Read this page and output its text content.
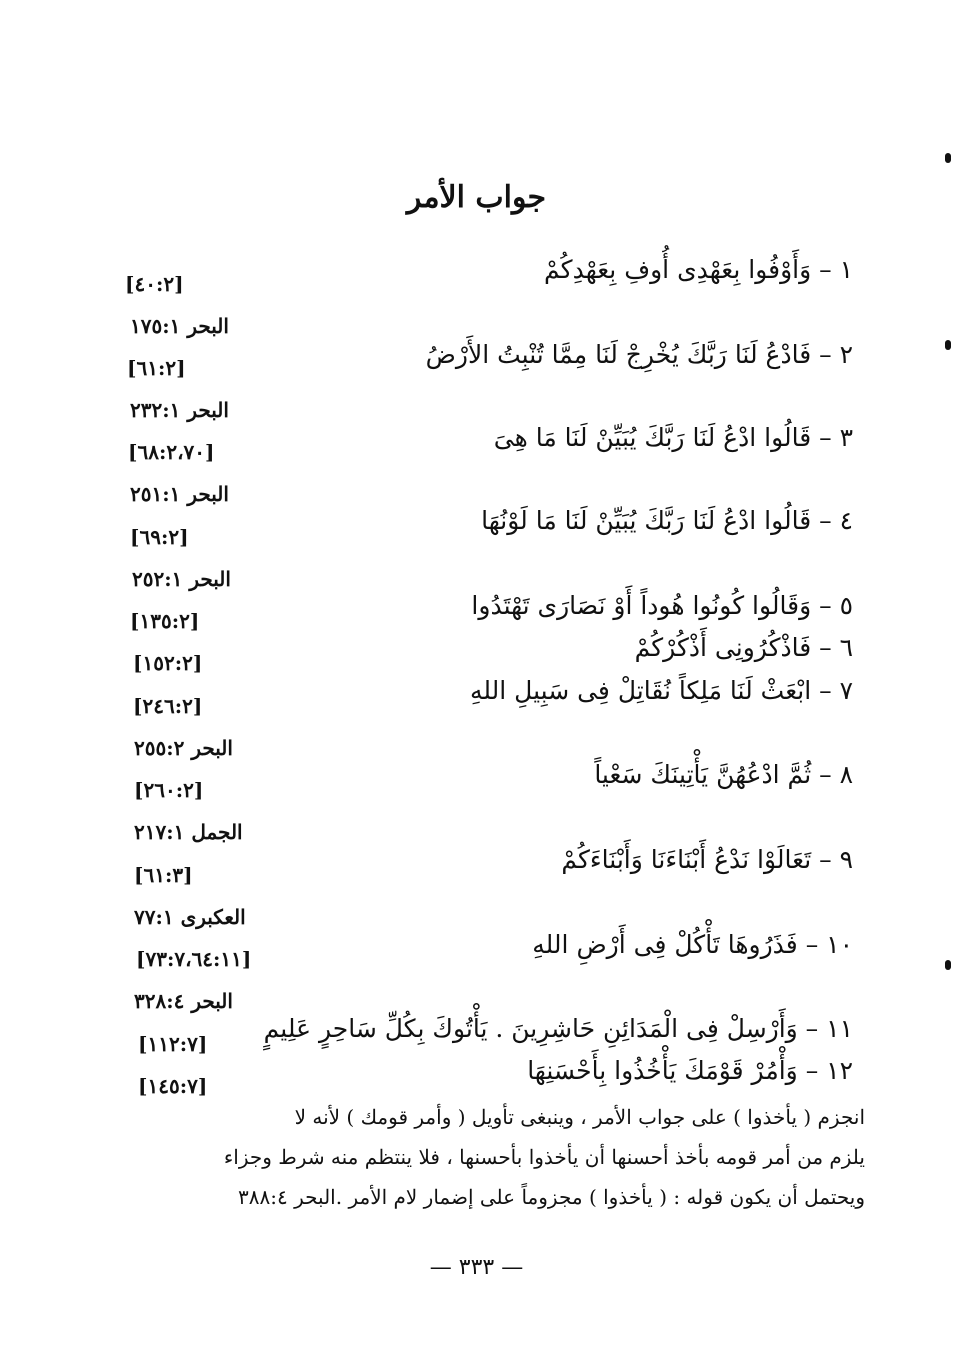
جواب الأمر
١ – وَأَوْفُوا بِعَهْدِى أُوفِ بِعَهْدِكُمْ
٢ – فَادْعُ لَنَا رَبَّكَ يُخْرِجْ لَنَا مِمَّا تُنْبِتُ الأَرْضُ
٣ – قَالُوا ادْعُ لَنَا رَبَّكَ يُبَيِّنْ لَنَا مَا هِىَ
٤ – قَالُوا ادْعُ لَنَا رَبَّكَ يُبَيِّنْ لَنَا مَا لَوْنُهَا
٥ – وَقَالُوا كُونُوا هُوداً أَوْ نَصَارَى تَهْتَدُوا
٦ – فَاذْكُرُونِى أَذْكُرْكُمْ
٧ – ابْعَثْ لَنَا مَلِكاً نُقَاتِلْ فِى سَبِيلِ اللهِ
٨ – ثُمَّ ادْعُهُنَّ يَأْتِينَكَ سَعْياً
٩ – تَعَالَوْا نَدْعُ أَبْنَاءَنَا وَأَبْنَاءَكُمْ
١٠ – فَذَرُوهَا تَأْكُلْ فِى أَرْضِ اللهِ
١١ – وَأَرْسِلْ فِى الْمَدَائِنِ حَاشِرِينَ . يَأْتُوكَ بِكُلِّ سَاحِرٍ عَلِيمٍ
١٢ – وَأْمُرْ قَوْمَكَ يَأْخُذُوا بِأَحْسَنِهَا
[٤٠:٢]
البحر ١٧٥:١
[٦١:٢]
البحر ٢٣٢:١
[٦٨:٢،٧٠]
البحر ٢٥١:١
[٦٩:٢]
البحر ٢٥٢:١
[١٣٥:٢]
[١٥٢:٢]
[٢٤٦:٢]
البحر ٢٥٥:٢
[٢٦٠:٢]
الجمل ٢١٧:١
[٦١:٣]
العكبرى ٧٧:١
[٧٣:٧،٦٤:١١]
البحر ٣٢٨:٤
[١١٢:٧]
[١٤٥:٧]
انجزم ( يأخذوا ) على جواب الأمر ، وينبغى تأويل ( وأمر قومك ) لأنه لا
يلزم من أمر قومه بأخذ أحسنها أن يأخذوا بأحسنها ، فلا ينتظم منه شرط وجزاء
ويحتمل أن يكون قوله : ( يأخذوا ) مجزوماً على إضمار لام الأمر .البحر ٣٨٨:٤
— ٣٣٣ —
